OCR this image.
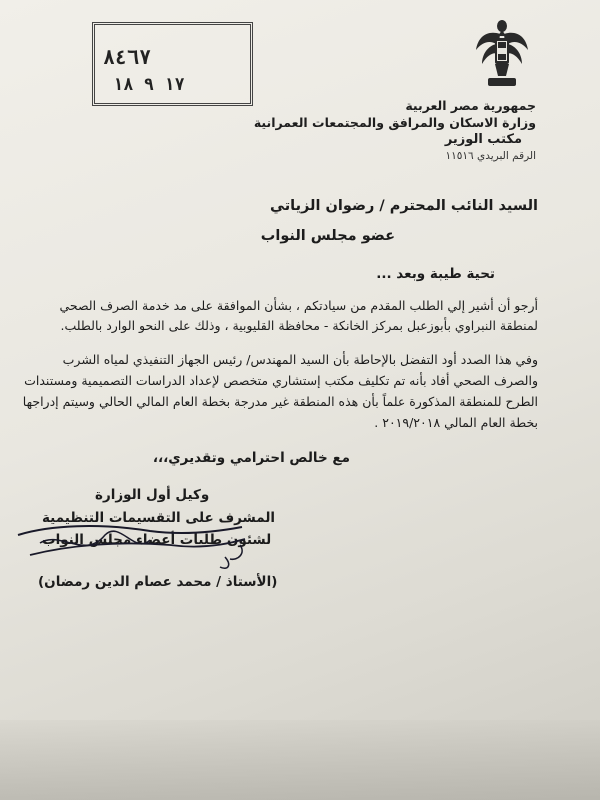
جمهورية مصر العربية
وزارة الاسكان والمرافق والمجتمعات العمرانية
مكتب الوزير
الرقم البريدي ١١٥١٦
٨٤٦٧
١٧ ٩ ١٨
السيد النائب المحترم / رضوان الزياتي
عضو مجلس النواب
تحية طيبة وبعد ...
أرجو أن أشير إلي الطلب المقدم من سيادتكم ، بشأن الموافقة على مد خدمة الصرف الصحي
لمنطقة النبراوي بأبوزعبل بمركز الخانكة - محافظة القليوبية ، وذلك على النحو الوارد بالطلب.
وفي هذا الصدد أود التفضل بالإحاطة بأن السيد المهندس/ رئيس الجهاز التنفيذي لمياه الشرب
والصرف الصحي أفاد بأنه تم تكليف مكتب إستشاري متخصص لإعداد الدراسات التصميمية ومستندات
الطرح للمنطقة المذكورة علماً بأن هذه المنطقة غير مدرجة بخطة العام المالي الحالي وسيتم إدراجها
بخطة العام المالي ٢٠١٩/٢٠١٨ .
مع خالص احترامي وتقديري،،،
وكيل أول الوزارة
المشرف على التقسيمات التنظيمية
لشئون طلبات أعضاء مجلس النواب
(الأستاذ / محمد عصام الدين رمضان)
